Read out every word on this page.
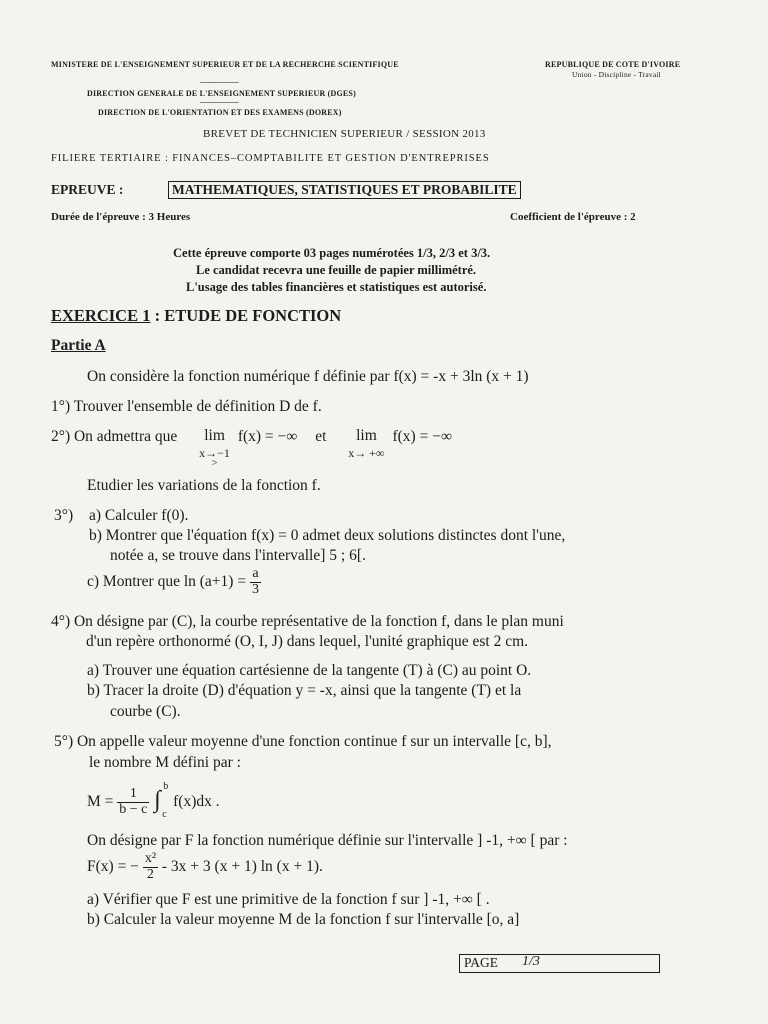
MINISTERE DE L'ENSEIGNEMENT SUPERIEUR ET DE LA RECHERCHE SCIENTIFIQUE	REPUBLIQUE DE COTE D'IVOIRE
Union - Discipline - Travail
---------------------
DIRECTION GENERALE DE L'ENSEIGNEMENT SUPERIEUR (DGES)
---------------------
DIRECTION DE L'ORIENTATION ET DES EXAMENS (DOREX)
BREVET DE TECHNICIEN SUPERIEUR / SESSION 2013
FILIERE TERTIAIRE : FINANCES–COMPTABILITE ET GESTION D'ENTREPRISES
EPREUVE :	MATHEMATIQUES, STATISTIQUES ET PROBABILITE
Durée de l'épreuve : 3 Heures	Coefficient de l'épreuve : 2
Cette épreuve comporte 03 pages numérotées 1/3, 2/3 et 3/3.
Le candidat recevra une feuille de papier millimétré.
L'usage des tables financières et statistiques est autorisé.
EXERCICE 1 : ETUDE DE FONCTION
Partie A
On considère la fonction numérique f définie par f(x) = -x + 3ln (x + 1)
1°) Trouver l'ensemble de définition D de f.
2°) On admettra que lim
x→−1
>
f(x) = −∞ et lim
x→ +∞
f(x) = −∞
Etudier les variations de la fonction f.
3°) a) Calculer f(0).
b) Montrer que l'équation f(x) = 0 admet deux solutions distinctes dont l'une,
notée a, se trouve dans l'intervalle] 5 ; 6[.
c) Montrer que $\ln (a+1) = \frac{a}{3}$
4°) On désigne par (C), la courbe représentative de la fonction f, dans le plan muni
d'un repère orthonormé (O, I, J) dans lequel, l'unité graphique est 2 cm.
a) Trouver une équation cartésienne de la tangente (T) à (C) au point O.
b) Tracer la droite (D) d'équation y = -x, ainsi que la tangente (T) et la
courbe (C).
5°) On appelle valeur moyenne d'une fonction continue f sur un intervalle [c, b],
le nombre M défini par :
$M = \frac{1}{b - c}$
∫
b
c
f(x)dx .
On désigne par F la fonction numérique définie sur l'intervalle ] -1, +∞ [ par :
F(x) = − $\frac{\text{x²}}{2} - 3x + 3$ (x + 1) ln (x + 1).
a) Vérifier que F est une primitive de la fonction f sur ] -1, +∞ [ .
b) Calculer la valeur moyenne M de la fonction f sur l'intervalle [o, a]
PAGE 1/3
